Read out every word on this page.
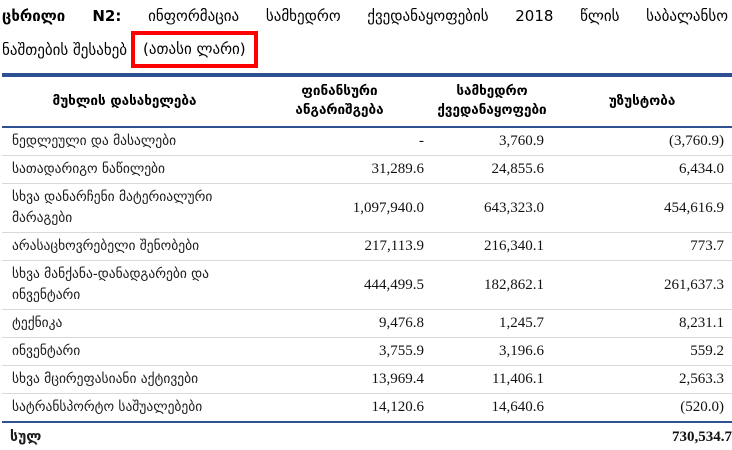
ცხრილი N2: ინფორმაცია სამხედრო ქვედანაყოფების 2018 წლის საბალანსო
ნაშთების შესახებ	(ათასი ლარი)
მუხლის დასახელება	ფინანსური ანგარიშგება	სამხედრო ქვედანაყოფები	უზუსტობა
ნედლეული და მასალები	-	3,760.9	(3,760.9)
სათადარიგო ნაწილები	31,289.6	24,855.6	6,434.0
სხვა დანარჩენი მატერიალური მარაგები	1,097,940.0	643,323.0	454,616.9
არასაცხოვრებელი შენობები	217,113.9	216,340.1	773.7
სხვა მანქანა-დანადგარები და ინვენტარი	444,499.5	182,862.1	261,637.3
ტექნიკა	9,476.8	1,245.7	8,231.1
ინვენტარი	3,755.9	3,196.6	559.2
სხვა მცირეფასიანი აქტივები	13,969.4	11,406.1	2,563.3
სატრანსპორტო საშუალებები	14,120.6	14,640.6	(520.0)
სულ			730,534.7
